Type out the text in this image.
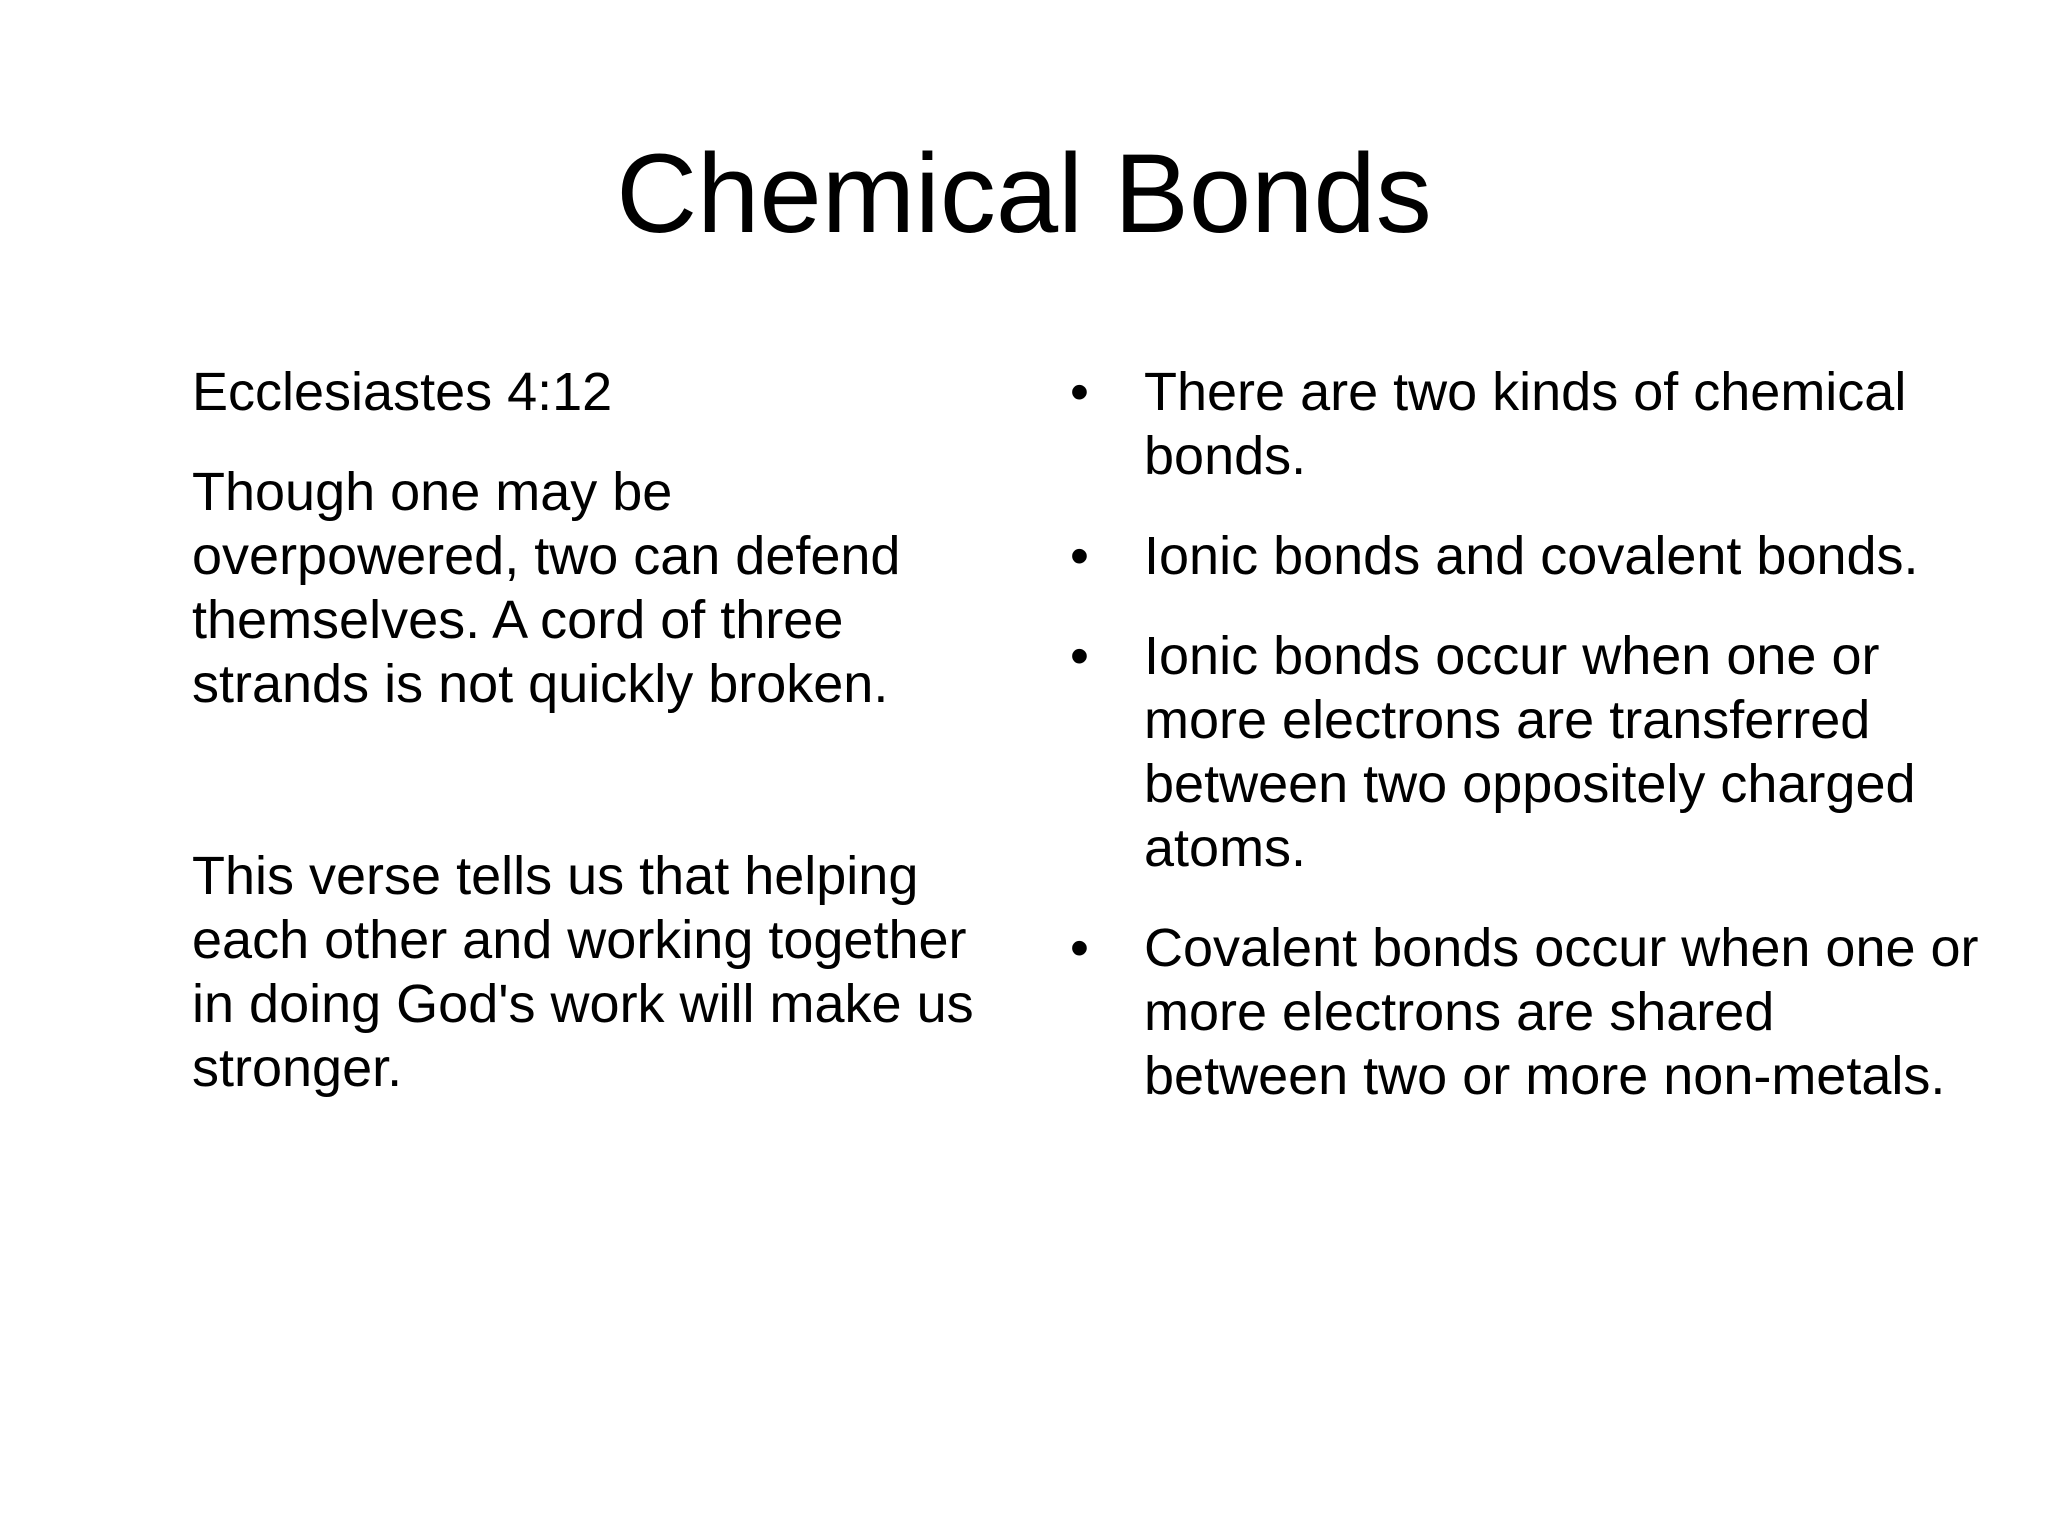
Chemical Bonds

Ecclesiastes 4:12

Though one may be overpowered, two can defend themselves. A cord of three strands is not quickly broken.

This verse tells us that helping each other and working together in doing God's work will make us stronger.

•	There are two kinds of chemical bonds.
•	Ionic bonds and covalent bonds.
•	Ionic bonds occur when one or more electrons are transferred between two oppositely charged atoms.
•	Covalent bonds occur when one or more electrons are shared between two or more non-metals.
